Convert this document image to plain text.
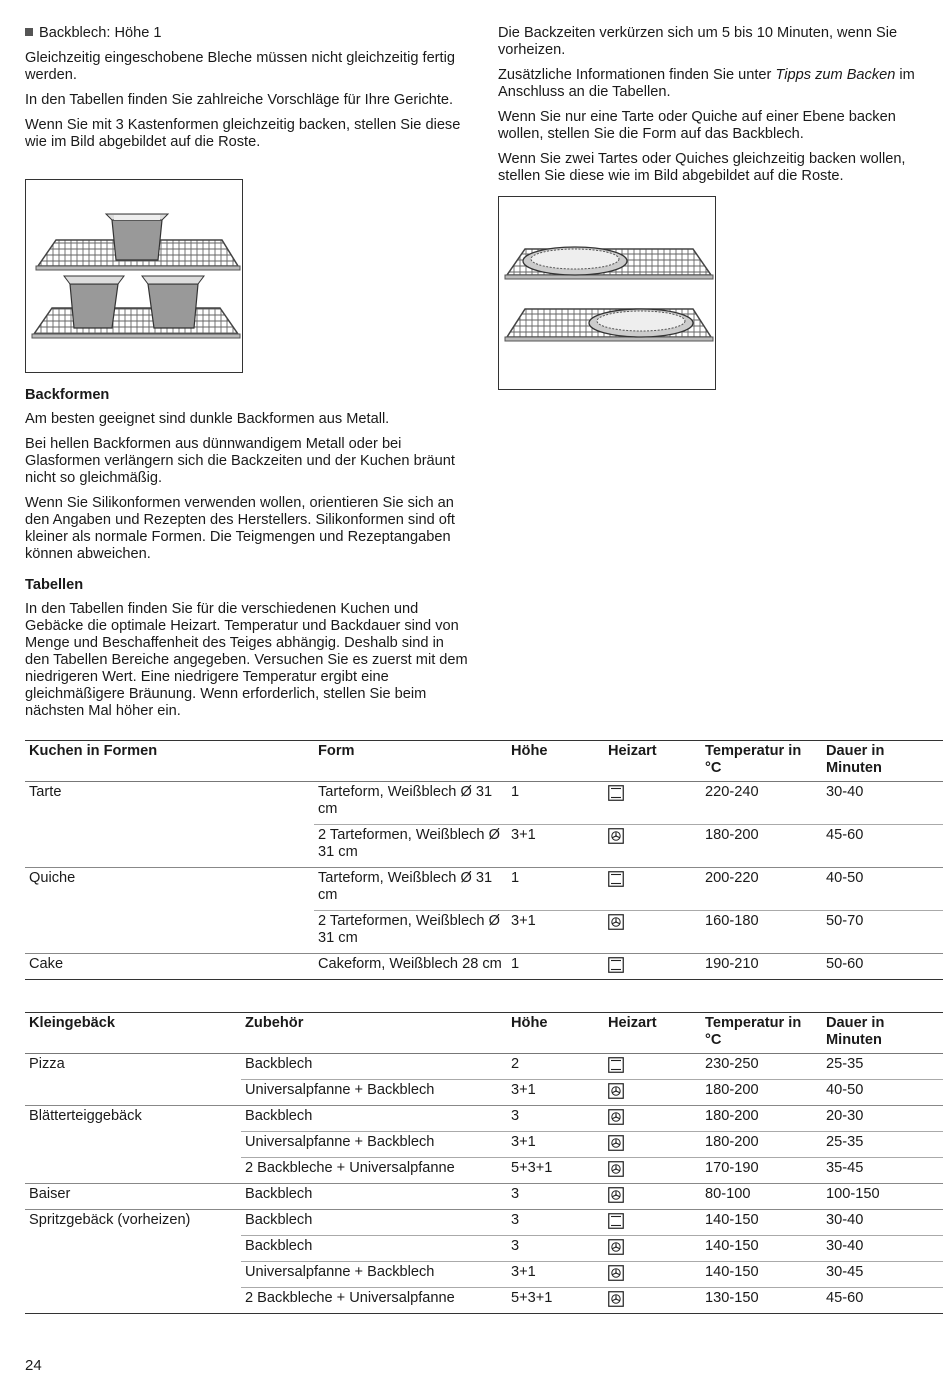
Backblech: Höhe 1

Gleichzeitig eingeschobene Bleche müssen nicht gleichzeitig fertig werden.

In den Tabellen finden Sie zahlreiche Vorschläge für Ihre Gerichte.

Wenn Sie mit 3 Kastenformen gleichzeitig backen, stellen Sie diese wie im Bild abgebildet auf die Roste.

Backformen

Am besten geeignet sind dunkle Backformen aus Metall.

Bei hellen Backformen aus dünnwandigem Metall oder bei Glasformen verlängern sich die Backzeiten und der Kuchen bräunt nicht so gleichmäßig.

Wenn Sie Silikonformen verwenden wollen, orientieren Sie sich an den Angaben und Rezepten des Herstellers. Silikonformen sind oft kleiner als normale Formen. Die Teigmengen und Rezeptangaben können abweichen.

Tabellen

In den Tabellen finden Sie für die verschiedenen Kuchen und Gebäcke die optimale Heizart. Temperatur und Backdauer sind von Menge und Beschaffenheit des Teiges abhängig. Deshalb sind in den Tabellen Bereiche angegeben. Versuchen Sie es zuerst mit dem niedrigeren Wert. Eine niedrigere Temperatur ergibt eine gleichmäßigere Bräunung. Wenn erforderlich, stellen Sie beim nächsten Mal höher ein.

Die Backzeiten verkürzen sich um 5 bis 10 Minuten, wenn Sie vorheizen.

Zusätzliche Informationen finden Sie unter Tipps zum Backen im Anschluss an die Tabellen.

Wenn Sie nur eine Tarte oder Quiche auf einer Ebene backen wollen, stellen Sie die Form auf das Backblech.

Wenn Sie zwei Tartes oder Quiches gleichzeitig backen wollen, stellen Sie diese wie im Bild abgebildet auf die Roste.

Kuchen in Formen	Form	Höhe	Heizart	Temperatur in °C	Dauer in Minuten
Tarte	Tarteform, Weißblech Ø 31 cm	1		220-240	30-40
	2 Tarteformen, Weißblech Ø 31 cm	3+1		180-200	45-60
Quiche	Tarteform, Weißblech Ø 31 cm	1		200-220	40-50
	2 Tarteformen, Weißblech Ø 31 cm	3+1		160-180	50-70
Cake	Cakeform, Weißblech 28 cm	1		190-210	50-60
Kleingebäck	Zubehör	Höhe	Heizart	Temperatur in °C	Dauer in Minuten
Pizza	Backblech	2		230-250	25-35
	Universalpfanne + Backblech	3+1		180-200	40-50
Blätterteiggebäck	Backblech	3		180-200	20-30
	Universalpfanne + Backblech	3+1		180-200	25-35
	2 Backbleche + Universalpfanne	5+3+1		170-190	35-45
Baiser	Backblech	3		80-100	100-150
Spritzgebäck (vorheizen)	Backblech	3		140-150	30-40
	Backblech	3		140-150	30-40
	Universalpfanne + Backblech	3+1		140-150	30-45
	2 Backbleche + Universalpfanne	5+3+1		130-150	45-60
24
